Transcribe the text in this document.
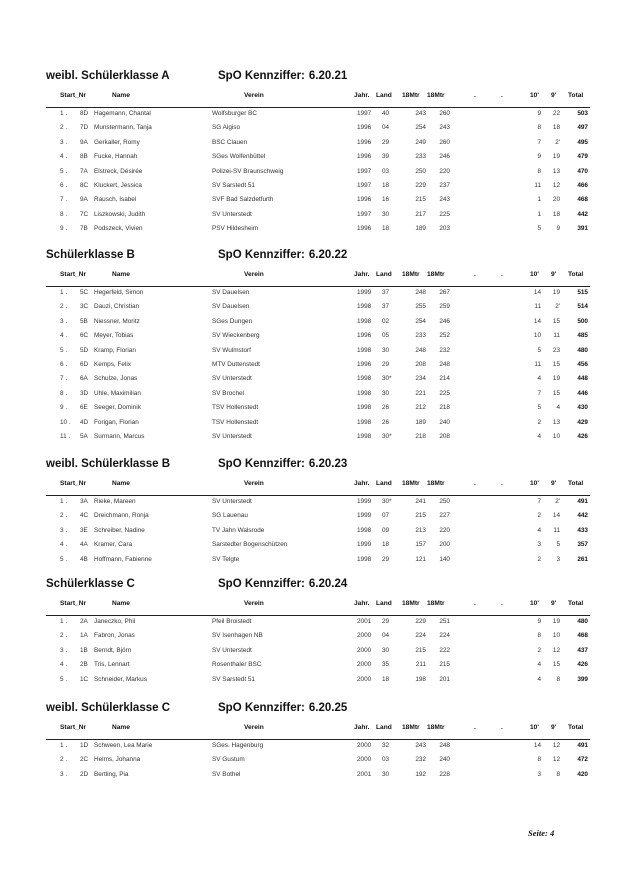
weibl. Schülerklasse A	SpO Kennziffer: 6.20.21
Start_Nr	Name	Verein	Jahr. Land 18Mtr 18Mtr	.	.	10' 9' Total
1 . 8D Hagemann, Chantal	Wolfsburger BC	1997 40	243	260	9	22	503
2 . 7D Munstermann, Tanja	SG Algiso	1996 04	254	243	8	18	497
3 . 9A Gerkaller, Romy	BSC Clauen	1996 29	249	260	7	2'	495
4 . 8B Fucke, Hannah	SGes Wolfenbüttel	1996 39	233	246	9	19	479
5 . 7A Elstreck, Désirée	Polizei-SV Braunschweig	1997 03	250	220	8	13	470
6 . 8C Kluckert, Jessica	SV Sarstedt 51	1997 18	229	237	11	12	466
7 . 9A Rausch, Isabel	SVF Bad Salzdetfurth	1996 16	215	243	1	20	468
8 . 7C Liszkowski, Judith	SV Unterstedt	1997 30	217	225	1	18	442
9 . 7B Podszeck, Vivien	PSV Hildesheim	1996 18	189	203	5	9	391
Schülerklasse B	SpO Kennziffer: 6.20.22
Start_Nr	Name	Verein	Jahr. Land 18Mtr 18Mtr	.	.	10' 9' Total
1 . 5C Hegerfeld, Simon	SV Dauelsen	1999 37	248	267	14	19	515
2 . 3C Dauzi, Christian	SV Dauelsen	1998 37	255	259	11	2'	514
3 . 5B Niessner, Moritz	SGes Dungen	1998 02	254	246	14	15	500
4 . 6C Meyer, Tobias	SV Wieckenberg	1996 05	233	252	10	11	485
5 . 5D Kramp, Florian	SV Wulmstorf	1998 30	248	232	5	23	480
6 . 6D Kemps, Felix	MTV Duttenstedt	1996 29	208	248	11	15	456
7 . 6A Schulze, Jonas	SV Unterstedt	1998 30*	234	214	4	19	448
8 . 3D Uhle, Maximilian	SV Brochel	1998 30	221	225	7	15	446
9 . 6E Seeger, Dominik	TSV Hollenstedt	1998 26	212	218	5	4	430
10 . 4D Forigan, Florian	TSV Hollenstedt	1998 26	189	240	2	13	429
11 . 5A Surmann, Marcus	SV Unterstedt	1998 30*	218	208	4	10	426
weibl. Schülerklasse B	SpO Kennziffer: 6.20.23
Start_Nr	Name	Verein	Jahr. Land 18Mtr 18Mtr	.	.	10' 9' Total
1 . 3A Rieke, Mareen	SV Unterstedt	1999 30*	241	250	7	2'	491
2 . 4C Dreichmann, Ronja	SG Lauenau	1999 07	215	227	2	14	442
3 . 3E Schreiber, Nadine	TV Jahn Walsrode	1998 09	213	220	4	11	433
4 . 4A Kramer, Cara	Sarstedter Bogenschützen	1999 18	157	200	3	5	357
5 . 4B Hoffmann, Fabienne	SV Telgte	1998 29	121	140	2	3	261
Schülerklasse C	SpO Kennziffer: 6.20.24
Start_Nr	Name	Verein	Jahr. Land 18Mtr 18Mtr	.	.	10' 9' Total
1 . 2A Janeczko, Phil	Pfeil Broistedt	2001 29	229	251	9	19	480
2 . 1A Fabron, Jonas	SV Isenhagen NB	2000 04	224	224	8	10	468
3 . 1B Berndt, Björn	SV Unterstedt	2000 30	215	222	2	12	437
4 . 2B Tris, Lennart	Rosenthaler BSC	2000 35	211	215	4	15	426
5 . 1C Schneider, Markus	SV Sarstedt 51	2000 18	198	201	4	8	399
weibl. Schülerklasse C	SpO Kennziffer: 6.20.25
Start_Nr	Name	Verein	Jahr. Land 18Mtr 18Mtr	.	.	10' 9' Total
1 . 1D Schween, Lea Marie	SGes. Hagenburg	2000 32	243	248	14	12	491
2 . 2C Helms, Johanna	SV Gustum	2000 03	232	240	8	12	472
3 . 2D Bertling, Pia	SV Bothel	2001 30	192	228	3	8	420
Seite: 4
